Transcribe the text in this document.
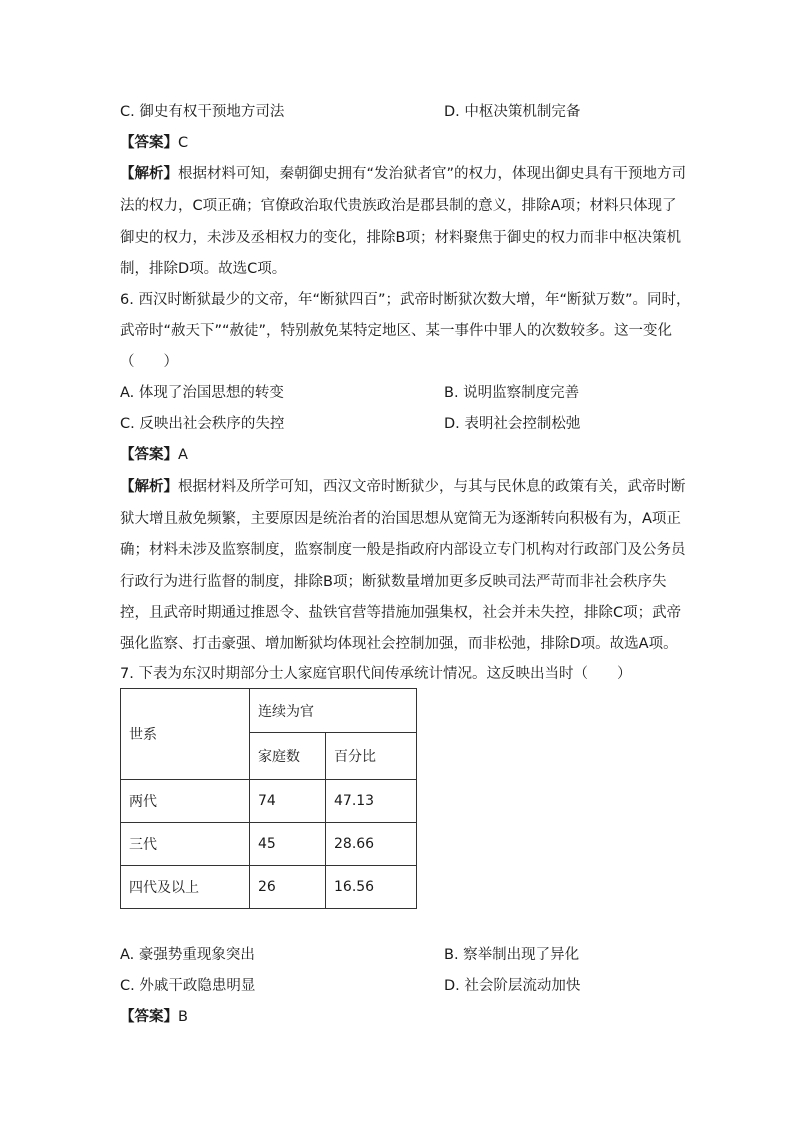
C. 御史有权干预地方司法	D. 中枢决策机制完备
【答案】C
【解析】根据材料可知，秦朝御史拥有“发治狱者官”的权力，体现出御史具有干预地方司
法的权力，C项正确；官僚政治取代贵族政治是郡县制的意义，排除A项；材料只体现了
御史的权力，未涉及丞相权力的变化，排除B项；材料聚焦于御史的权力而非中枢决策机
制，排除D项。故选C项。
6. 西汉时断狱最少的文帝，年“断狱四百”；武帝时断狱次数大增，年“断狱万数”。同时，
武帝时“赦天下”“赦徒”，特别赦免某特定地区、某一事件中罪人的次数较多。这一变化
（　　）
A. 体现了治国思想的转变	B. 说明监察制度完善
C. 反映出社会秩序的失控	D. 表明社会控制松弛
【答案】A
【解析】根据材料及所学可知，西汉文帝时断狱少，与其与民休息的政策有关，武帝时断
狱大增且赦免频繁，主要原因是统治者的治国思想从宽简无为逐渐转向积极有为，A项正
确；材料未涉及监察制度，监察制度一般是指政府内部设立专门机构对行政部门及公务员
行政行为进行监督的制度，排除B项；断狱数量增加更多反映司法严苛而非社会秩序失
控，且武帝时期通过推恩令、盐铁官营等措施加强集权，社会并未失控，排除C项；武帝
强化监察、打击豪强、增加断狱均体现社会控制加强，而非松弛，排除D项。故选A项。
7. 下表为东汉时期部分士人家庭官职代间传承统计情况。这反映出当时（　　）
世系	连续为官	
	家庭数	百分比
两代	74	47.13
三代	45	28.66
四代及以上	26	16.56
A. 豪强势重现象突出	B. 察举制出现了异化
C. 外戚干政隐患明显	D. 社会阶层流动加快
【答案】B
